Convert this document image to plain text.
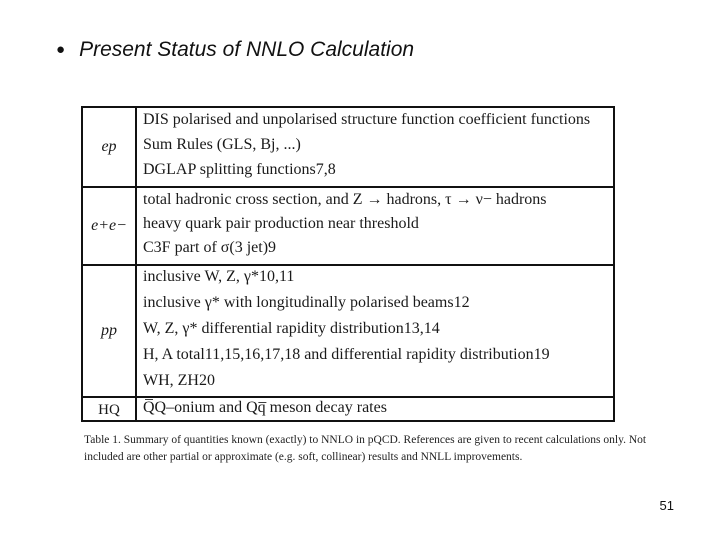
● Present Status of NNLO Calculation
ep
DIS polarised and unpolarised structure function coefficient functions
Sum Rules (GLS, Bj, ...)
DGLAP splitting functions7,8
e+e−
total hadronic cross section, and Z → hadrons, τ → ν− hadrons
heavy quark pair production near threshold
C3F part of σ(3 jet)9
pp
inclusive W, Z, γ*10,11
inclusive γ* with longitudinally polarised beams12
W, Z, γ* differential rapidity distribution13,14
H, A total11,15,16,17,18 and differential rapidity distribution19
WH, ZH20
HQ	Q̅Q–onium and Qq̅ meson decay rates
Table 1. Summary of quantities known (exactly) to NNLO in pQCD. References are given to recent calculations only. Not included are other partial or approximate (e.g. soft, collinear) results and NNLL improvements.
51
